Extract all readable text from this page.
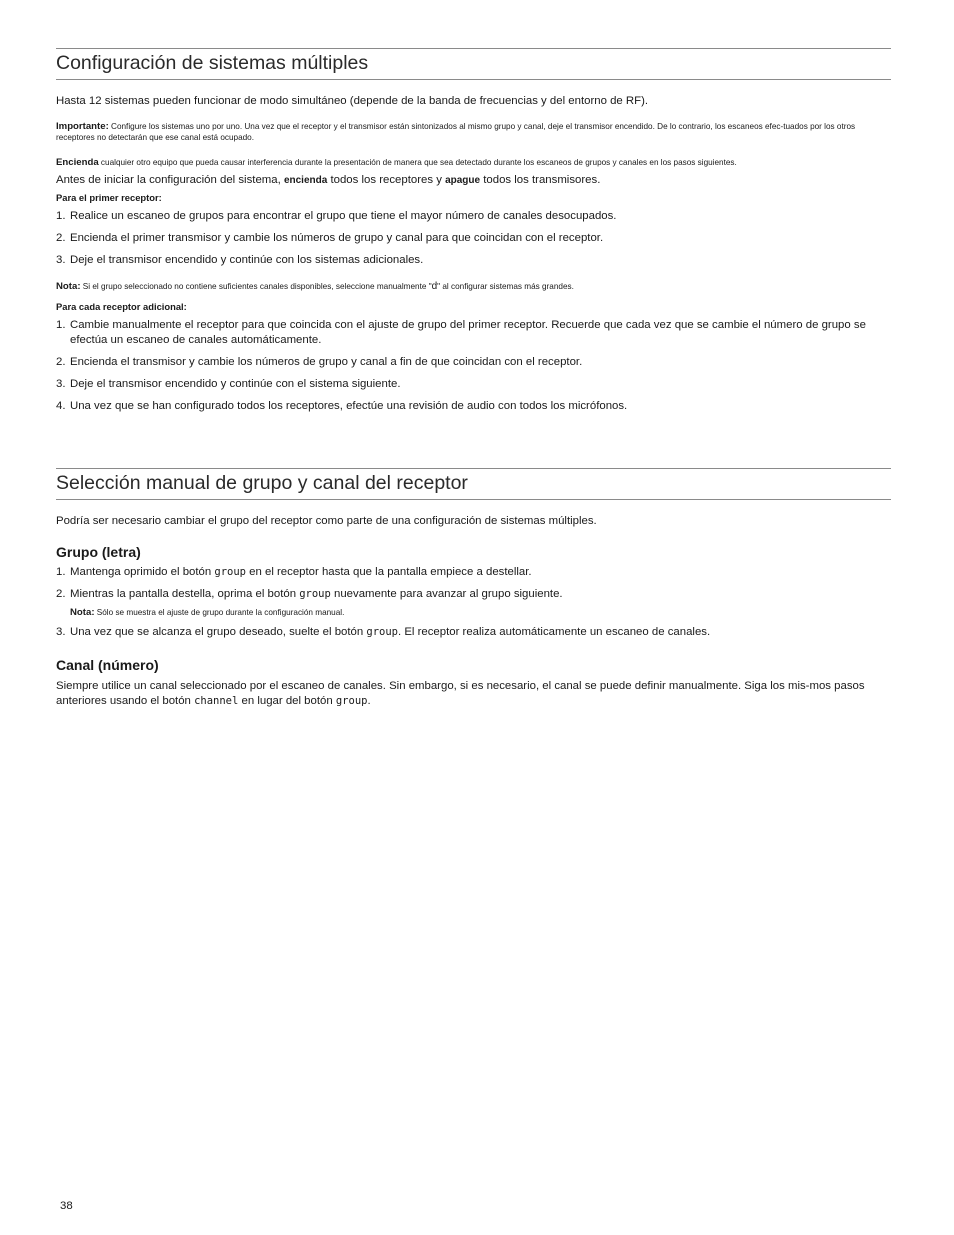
Configuración de sistemas múltiples

Hasta 12 sistemas pueden funcionar de modo simultáneo (depende de la banda de frecuencias y del entorno de RF).

Importante: Configure los sistemas uno por uno. Una vez que el receptor y el transmisor están sintonizados al mismo grupo y canal, deje el transmisor encendido. De lo contrario, los escaneos efec-tuados por los otros receptores no detectarán que ese canal está ocupado.

Encienda cualquier otro equipo que pueda causar interferencia durante la presentación de manera que sea detectado durante los escaneos de grupos y canales en los pasos siguientes.

Antes de iniciar la configuración del sistema, encienda todos los receptores y apague todos los transmisores.

Para el primer receptor:

1. Realice un escaneo de grupos para encontrar el grupo que tiene el mayor número de canales desocupados.
2. Encienda el primer transmisor y cambie los números de grupo y canal para que coincidan con el receptor.
3. Deje el transmisor encendido y continúe con los sistemas adicionales.

Nota: Si el grupo seleccionado no contiene suficientes canales disponibles, seleccione manualmente "d" al configurar sistemas más grandes.

Para cada receptor adicional:

1. Cambie manualmente el receptor para que coincida con el ajuste de grupo del primer receptor. Recuerde que cada vez que se cambie el número de grupo se efectúa un escaneo de canales automáticamente.
2. Encienda el transmisor y cambie los números de grupo y canal a fin de que coincidan con el receptor.
3. Deje el transmisor encendido y continúe con el sistema siguiente.
4. Una vez que se han configurado todos los receptores, efectúe una revisión de audio con todos los micrófonos.
Selección manual de grupo y canal del receptor

Podría ser necesario cambiar el grupo del receptor como parte de una configuración de sistemas múltiples.

Grupo (letra)

1. Mantenga oprimido el botón group en el receptor hasta que la pantalla empiece a destellar.
2. Mientras la pantalla destella, oprima el botón group nuevamente para avanzar al grupo siguiente.

Nota: Sólo se muestra el ajuste de grupo durante la configuración manual.

3. Una vez que se alcanza el grupo deseado, suelte el botón group. El receptor realiza automáticamente un escaneo de canales.

Canal (número)

Siempre utilice un canal seleccionado por el escaneo de canales. Sin embargo, si es necesario, el canal se puede definir manualmente. Siga los mis-mos pasos anteriores usando el botón channel en lugar del botón group.

38
